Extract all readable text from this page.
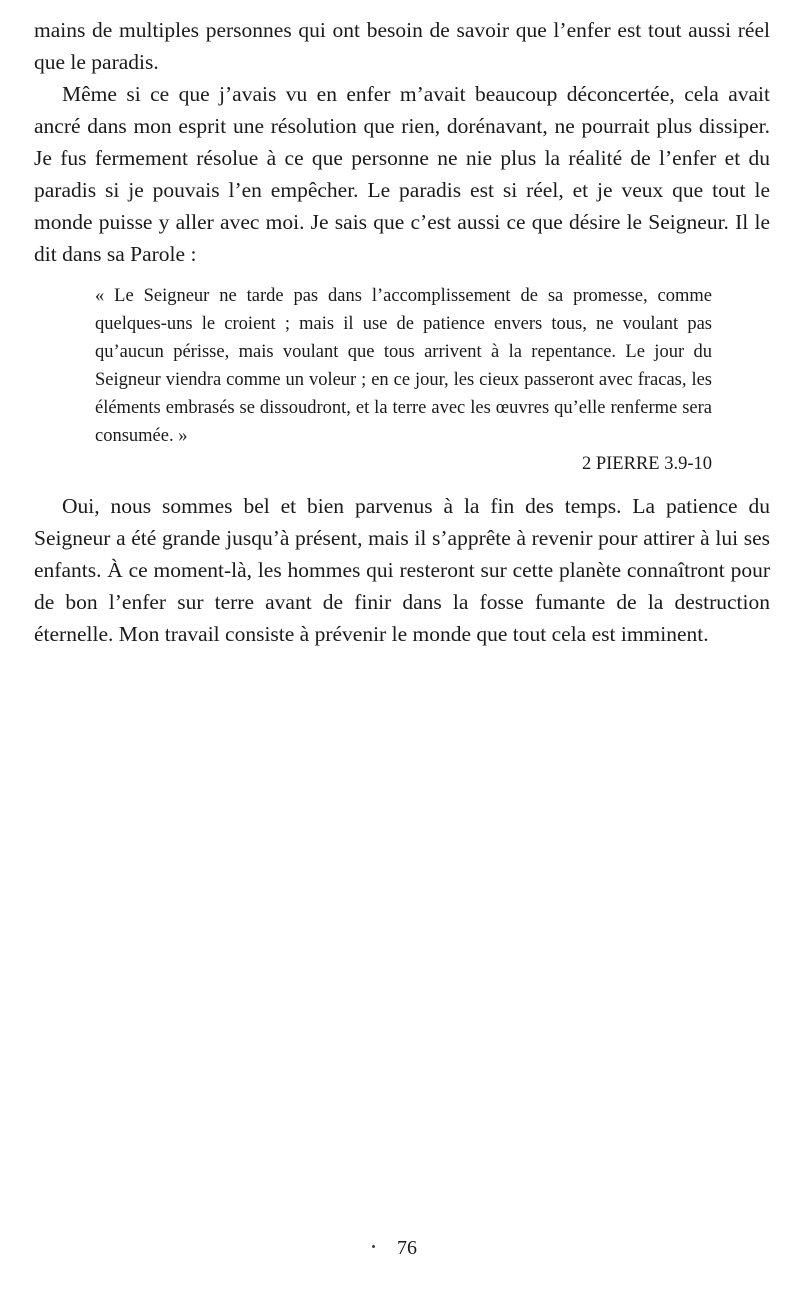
mains de multiples personnes qui ont besoin de savoir que l’enfer est tout aussi réel que le paradis.

Même si ce que j’avais vu en enfer m’avait beaucoup déconcertée, cela avait ancré dans mon esprit une résolution que rien, dorénavant, ne pourrait plus dissiper. Je fus fermement résolue à ce que personne ne nie plus la réalité de l’enfer et du paradis si je pouvais l’en empêcher. Le paradis est si réel, et je veux que tout le monde puisse y aller avec moi. Je sais que c’est aussi ce que désire le Seigneur. Il le dit dans sa Parole :

« Le Seigneur ne tarde pas dans l’accomplissement de sa promesse, comme quelques-uns le croient ; mais il use de patience envers tous, ne voulant pas qu’aucun périsse, mais voulant que tous arrivent à la repentance. Le jour du Seigneur viendra comme un voleur ; en ce jour, les cieux passeront avec fracas, les éléments embrasés se dissoudront, et la terre avec les œuvres qu’elle renferme sera consumée. »

2 PIERRE 3.9-10

Oui, nous sommes bel et bien parvenus à la fin des temps. La patience du Seigneur a été grande jusqu’à présent, mais il s’apprête à revenir pour attirer à lui ses enfants. À ce moment-là, les hommes qui resteront sur cette planète connaîtront pour de bon l’enfer sur terre avant de finir dans la fosse fumante de la destruction éternelle. Mon travail consiste à prévenir le monde que tout cela est imminent.

76
